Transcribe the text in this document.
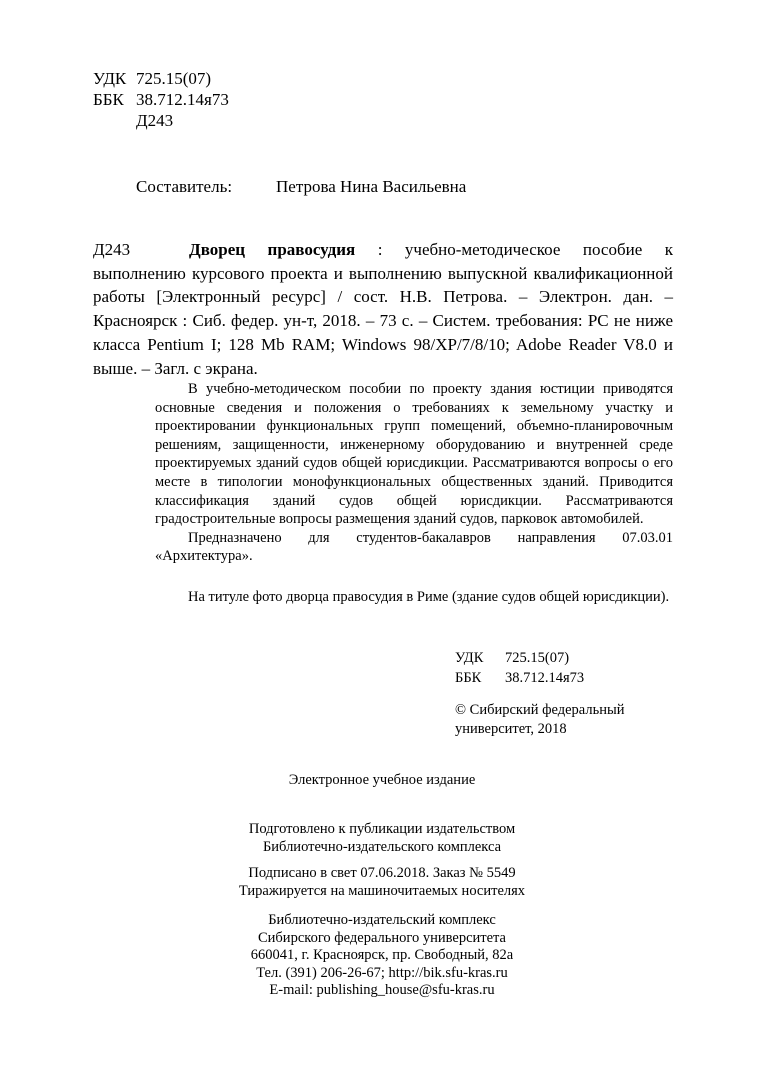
УДК 725.15(07)
ББК 38.712.14я73
Д243
Составитель:	Петрова Нина Васильевна
Д243	Дворец правосудия : учебно-методическое пособие к выполнению курсового проекта и выполнению выпускной квалификационной работы [Электронный ресурс] / сост. Н.В. Петрова. – Электрон. дан. – Красноярск : Сиб. федер. ун-т, 2018. – 73 с. – Систем. требования: PC не ниже класса Pentium I; 128 Mb RAM; Windows 98/XP/7/8/10; Adobe Reader V8.0 и выше. – Загл. с экрана.

В учебно-методическом пособии по проекту здания юстиции приводятся основные сведения и положения о требованиях к земельному участку и проектировании функциональных групп помещений, объемно-планировочным решениям, защищенности, инженерному оборудованию и внутренней среде проектируемых зданий судов общей юрисдикции. Рассматриваются вопросы о его месте в типологии монофункциональных общественных зданий. Приводится классификация зданий судов общей юрисдикции. Рассматриваются градостроительные вопросы размещения зданий судов, парковок автомобилей.

Предназначено для студентов-бакалавров направления 07.03.01 «Архитектура».

На титуле фото дворца правосудия в Риме (здание судов общей юрисдикции).

УДК	725.15(07)
ББК	38.712.14я73
© Сибирский федеральный
университет, 2018
Электронное учебное издание
Подготовлено к публикации издательством
Библиотечно-издательского комплекса
Подписано в свет 07.06.2018. Заказ № 5549
Тиражируется на машиночитаемых носителях
Библиотечно-издательский комплекс
Сибирского федерального университета
660041, г. Красноярск, пр. Свободный, 82а
Тел. (391) 206-26-67; http://bik.sfu-kras.ru
E-mail: publishing_house@sfu-kras.ru
